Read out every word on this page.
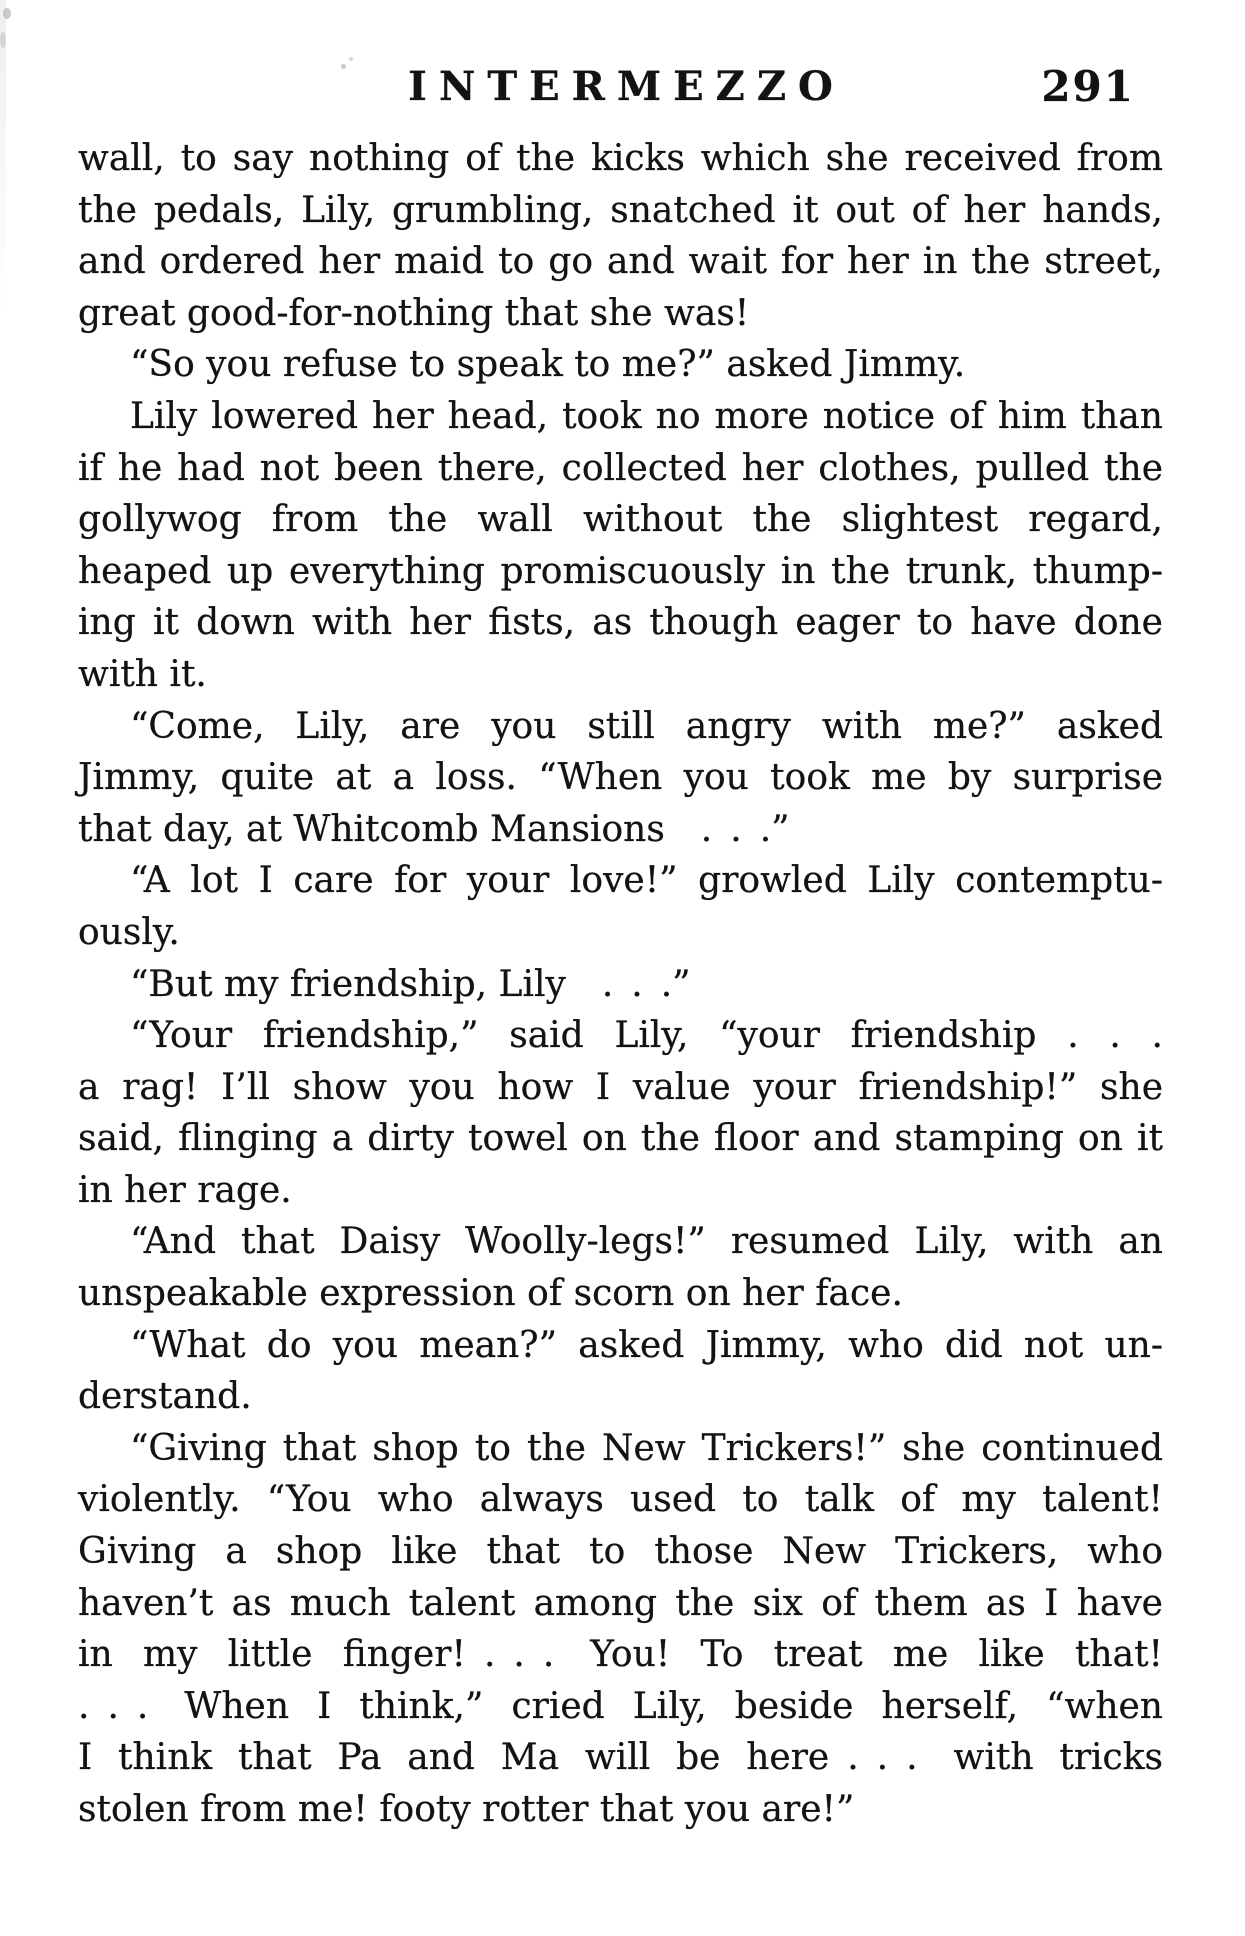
INTERMEZZO	291
wall, to say nothing of the kicks which she received from
the pedals, Lily, grumbling, snatched it out of her hands,
and ordered her maid to go and wait for her in the street,
great good-for-nothing that she was!
“So you refuse to speak to me?” asked Jimmy.
Lily lowered her head, took no more notice of him than
if he had not been there, collected her clothes, pulled the
gollywog from the wall without the slightest regard,
heaped up everything promiscuously in the trunk, thump-
ing it down with her fists, as though eager to have done
with it.
“Come, Lily, are you still angry with me?” asked
Jimmy, quite at a loss. “When you took me by surprise
that day, at Whitcomb Mansions . . .”
“A lot I care for your love!” growled Lily contemptu-
ously.
“But my friendship, Lily . . .”
“Your friendship,” said Lily, “your friendship . . .
a rag! I’ll show you how I value your friendship!” she
said, flinging a dirty towel on the floor and stamping on it
in her rage.
“And that Daisy Woolly-legs!” resumed Lily, with an
unspeakable expression of scorn on her face.
“What do you mean?” asked Jimmy, who did not un-
derstand.
“Giving that shop to the New Trickers!” she continued
violently. “You who always used to talk of my talent!
Giving a shop like that to those New Trickers, who
haven’t as much talent among the six of them as I have
in my little finger! . . . You! To treat me like that!
. . . When I think,” cried Lily, beside herself, “when
I think that Pa and Ma will be here . . . with tricks
stolen from me! footy rotter that you are!”
